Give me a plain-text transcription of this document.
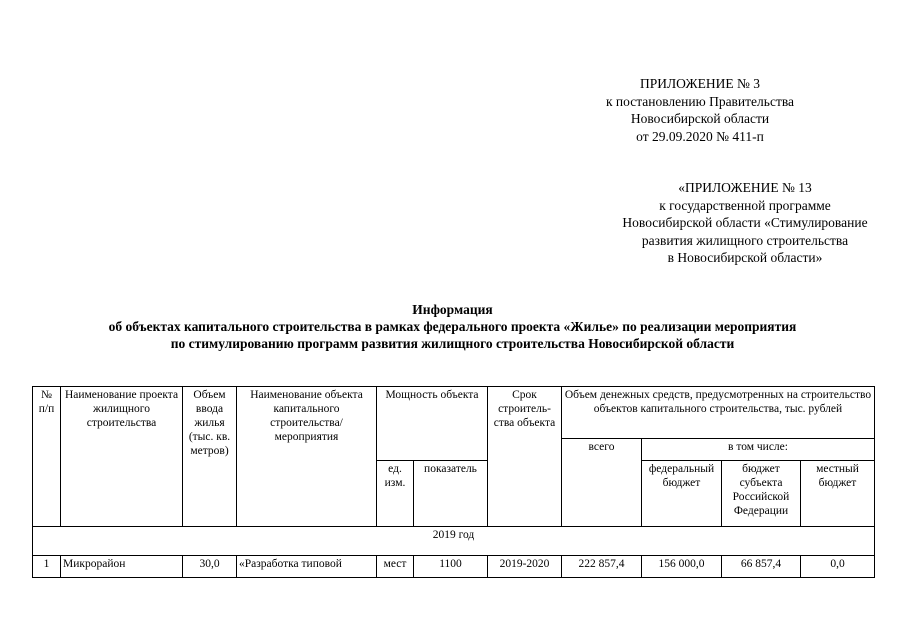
ПРИЛОЖЕНИЕ № 3
к постановлению Правительства
Новосибирской области
от 29.09.2020 № 411-п
«ПРИЛОЖЕНИЕ № 13
к государственной программе
Новосибирской области «Стимулирование
развития жилищного строительства
в Новосибирской области»
Информация
об объектах капитального строительства в рамках федерального проекта «Жилье» по реализации мероприятия
по стимулированию программ развития жилищного строительства Новосибирской области
№ п/п	Наименование проекта жилищного строительства	Объем ввода жилья (тыс. кв. метров)	Наименование объекта капитального строительства/ мероприятия	Мощность объекта		Срок строитель-ства объекта	Объем денежных средств, предусмотренных на строительство объектов капитального строительства, тыс. рублей			
							всего	в том числе:		
				ед. изм.	показатель			федеральный бюджет	бюджет субъекта Российской Федерации	местный бюджет
2019 год										
1	Микрорайон	30,0	«Разработка типовой	мест	1100	2019-2020	222 857,4	156 000,0	66 857,4	0,0
